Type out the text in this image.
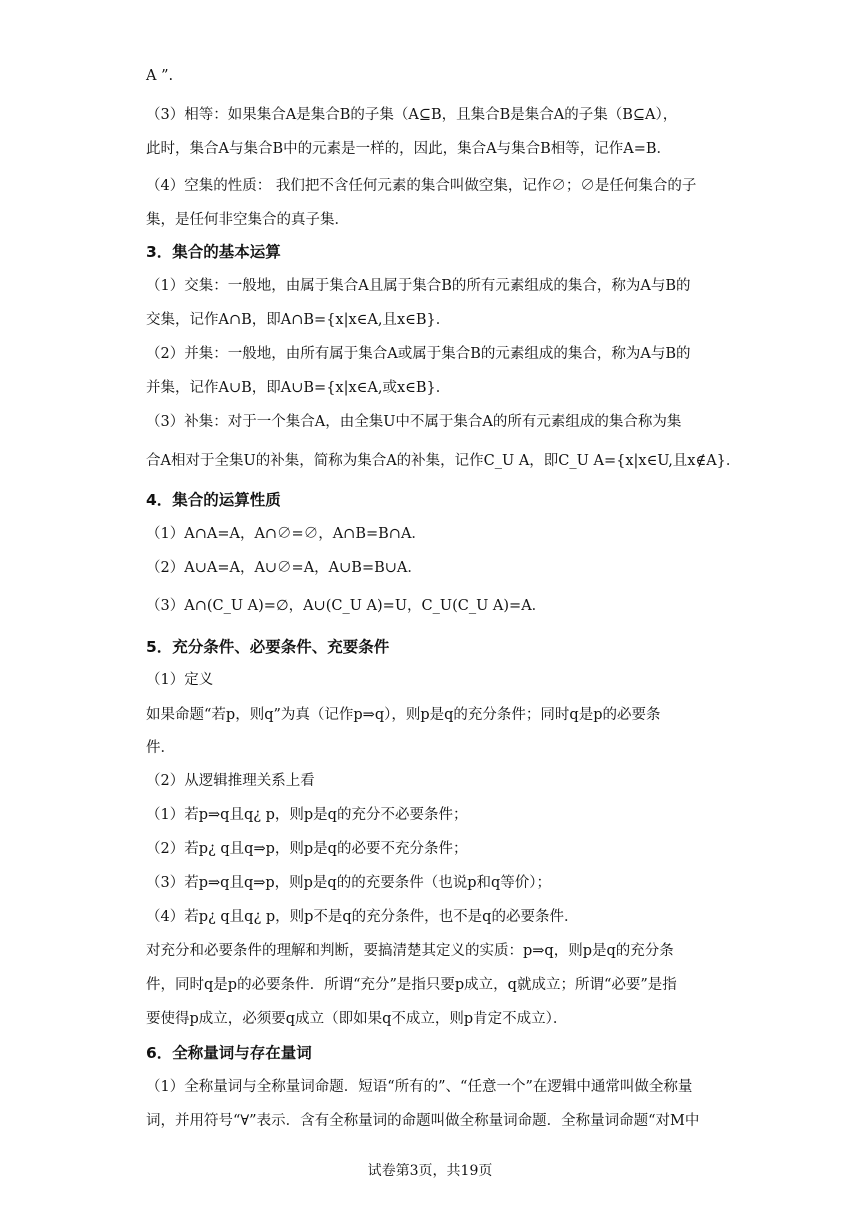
A ”.
（3）相等：如果集合A是集合B的子集（A⊆B，且集合B是集合A的子集（B⊆A），
此时，集合A与集合B中的元素是一样的，因此，集合A与集合B相等，记作A=B．
（4）空集的性质： 我们把不含任何元素的集合叫做空集，记作∅；∅是任何集合的子
集，是任何非空集合的真子集．
3．集合的基本运算
（1）交集：一般地，由属于集合A且属于集合B的所有元素组成的集合，称为A与B的
交集，记作A∩B，即A∩B={x|x∈A,且x∈B}．
（2）并集：一般地，由所有属于集合A或属于集合B的元素组成的集合，称为A与B的
并集，记作A∪B，即A∪B={x|x∈A,或x∈B}．
（3）补集：对于一个集合A，由全集U中不属于集合A的所有元素组成的集合称为集
合A相对于全集U的补集，简称为集合A的补集，记作C_U A，即C_U A={x|x∈U,且x∉A}．
4．集合的运算性质
（1）A∩A=A，A∩∅=∅，A∩B=B∩A．
（2）A∪A=A，A∪∅=A，A∪B=B∪A．
（3）A∩(C_U A)=∅，A∪(C_U A)=U，C_U(C_U A)=A．
5．充分条件、必要条件、充要条件
（1）定义
如果命题“若p，则q”为真（记作p⇒q），则p是q的充分条件；同时q是p的必要条
件．
（2）从逻辑推理关系上看
（1）若p⇒q且q¿ p，则p是q的充分不必要条件；
（2）若p¿ q且q⇒p，则p是q的必要不充分条件；
（3）若p⇒q且q⇒p，则p是q的的充要条件（也说p和q等价）；
（4）若p¿ q且q¿ p，则p不是q的充分条件，也不是q的必要条件．
对充分和必要条件的理解和判断，要搞清楚其定义的实质：p⇒q，则p是q的充分条
件，同时q是p的必要条件．所谓“充分”是指只要p成立，q就成立；所谓“必要”是指
要使得p成立，必须要q成立（即如果q不成立，则p肯定不成立）．
6．全称量词与存在量词
（1）全称量词与全称量词命题．短语“所有的”、“任意一个”在逻辑中通常叫做全称量
词，并用符号“∀”表示．含有全称量词的命题叫做全称量词命题．全称量词命题“对M中
试卷第3页，共19页
